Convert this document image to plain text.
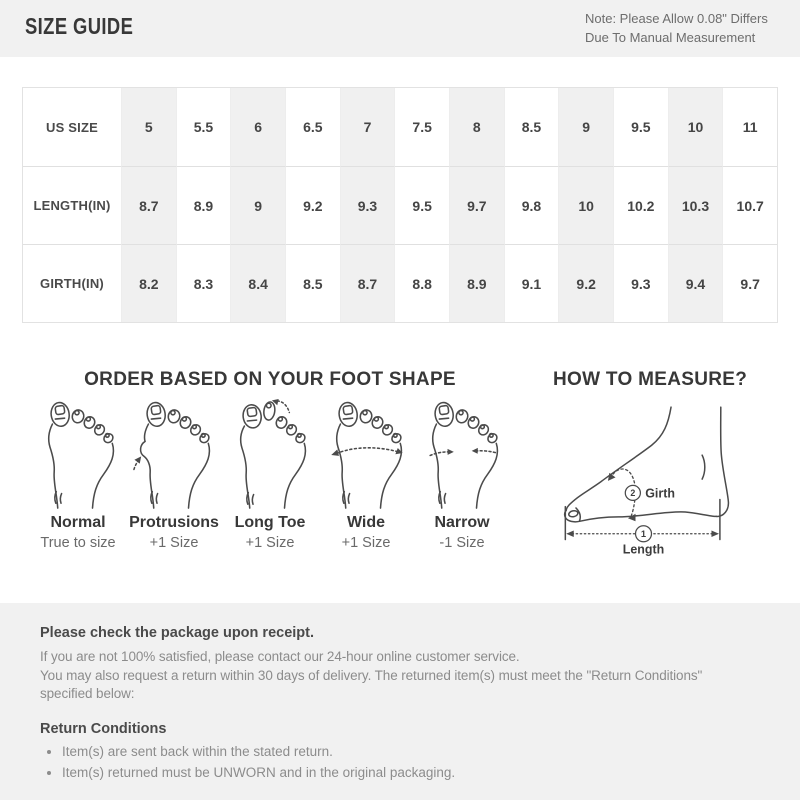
SIZE GUIDE	Note: Please Allow 0.08" Differs
Due To Manual Measurement
US SIZE	5	5.5	6	6.5	7	7.5	8	8.5	9	9.5	10	11
LENGTH(IN)	8.7	8.9	9	9.2	9.3	9.5	9.7	9.8	10	10.2	10.3	10.7
GIRTH(IN)	8.2	8.3	8.4	8.5	8.7	8.8	8.9	9.1	9.2	9.3	9.4	9.7
ORDER BASED ON YOUR FOOT SHAPE
Normal
True to size
Protrusions
+1 Size
Long Toe
+1 Size
Wide
+1 Size
Narrow
-1 Size
HOW TO MEASURE?
2 Girth
1
Length
Please check the package upon receipt.
If you are not 100% satisfied, please contact our 24-hour online customer service.
You may also request a return within 30 days of delivery. The returned item(s) must meet the "Return Conditions"
specified below:
Return Conditions
• Item(s) are sent back within the stated return.
• Item(s) returned must be UNWORN and in the original packaging.
